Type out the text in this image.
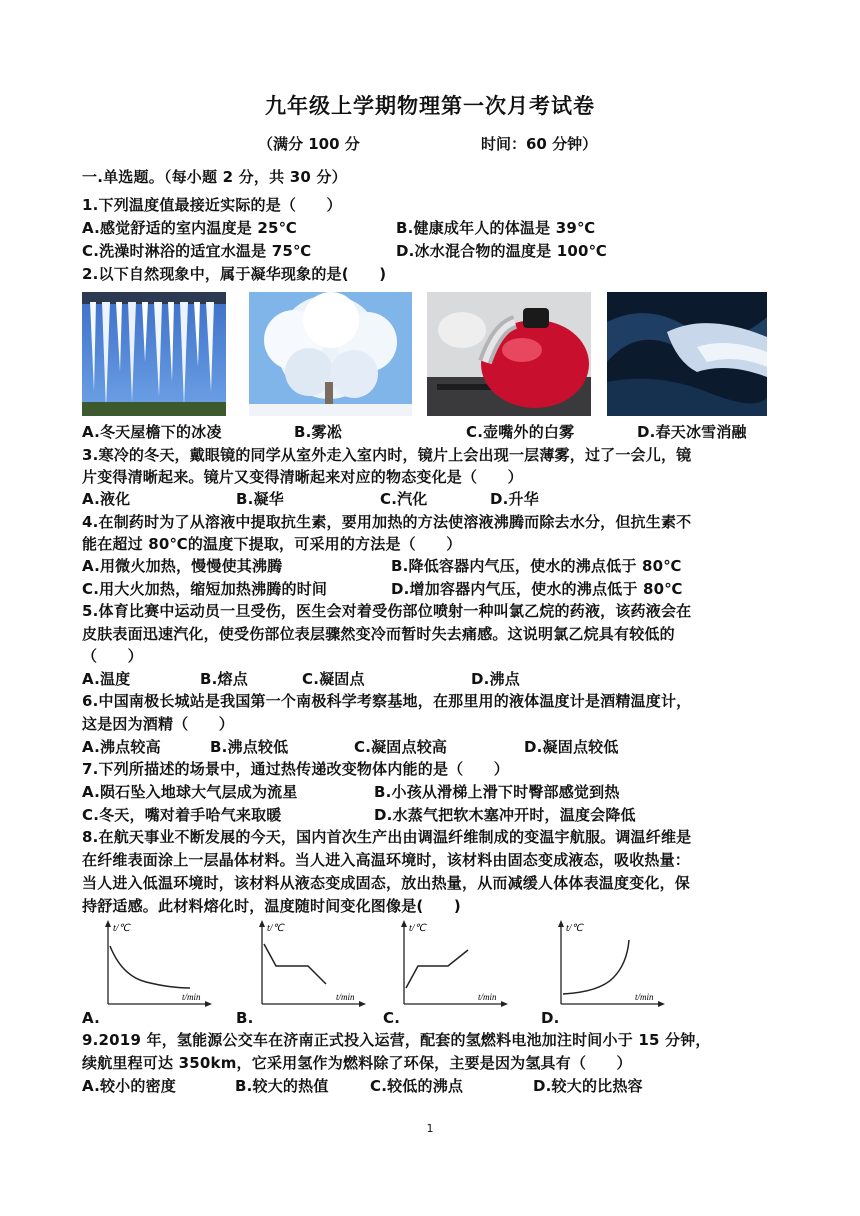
九年级上学期物理第一次月考试卷
（满分 100 分	时间：60 分钟）
一.单选题。（每小题 2 分，共 30 分）
1.下列温度值最接近实际的是（　　）
A.感觉舒适的室内温度是 25℃	B.健康成年人的体温是 39℃
C.洗澡时淋浴的适宜水温是 75℃	D.冰水混合物的温度是 100℃
2.以下自然现象中，属于凝华现象的是(　　)
A.冬天屋檐下的冰凌	B.雾凇	C.壶嘴外的白雾	D.春天冰雪消融
3.寒冷的冬天，戴眼镜的同学从室外走入室内时，镜片上会出现一层薄雾，过了一会儿，镜
片变得清晰起来。镜片又变得清晰起来对应的物态变化是（　　）
A.液化	B.凝华	C.汽化	D.升华
4.在制药时为了从溶液中提取抗生素，要用加热的方法使溶液沸腾而除去水分，但抗生素不
能在超过 80℃的温度下提取，可采用的方法是（　　）
A.用微火加热，慢慢使其沸腾	B.降低容器内气压，使水的沸点低于 80℃
C.用大火加热，缩短加热沸腾的时间	D.增加容器内气压，使水的沸点低于 80℃
5.体育比赛中运动员一旦受伤，医生会对着受伤部位喷射一种叫氯乙烷的药液，该药液会在
皮肤表面迅速汽化，使受伤部位表层骤然变冷而暂时失去痛感。这说明氯乙烷具有较低的
（　　）
A.温度	B.熔点	C.凝固点	D.沸点
6.中国南极长城站是我国第一个南极科学考察基地，在那里用的液体温度计是酒精温度计，
这是因为酒精（　　）
A.沸点较高	B.沸点较低	C.凝固点较高	D.凝固点较低
7.下列所描述的场景中，通过热传递改变物体内能的是（　　）
A.陨石坠入地球大气层成为流星	B.小孩从滑梯上滑下时臀部感觉到热
C.冬天，嘴对着手哈气来取暖	D.水蒸气把软木塞冲开时，温度会降低
8.在航天事业不断发展的今天，国内首次生产出由调温纤维制成的变温宇航服。调温纤维是
在纤维表面涂上一层晶体材料。当人进入高温环境时，该材料由固态变成液态，吸收热量：
当人进入低温环境时，该材料从液态变成固态，放出热量，从而减缓人体体表温度变化，保
持舒适感。此材料熔化时，温度随时间变化图像是(　　)
t/℃
t/min
t/℃
t/min
t/℃
t/min
t/℃
t/min
A.	B.	C.	D.
9.2019 年，氢能源公交车在济南正式投入运营，配套的氢燃料电池加注时间小于 15 分钟，
续航里程可达 350km，它采用氢作为燃料除了环保，主要是因为氢具有（　　）
A.较小的密度	B.较大的热值	C.较低的沸点	D.较大的比热容
1
